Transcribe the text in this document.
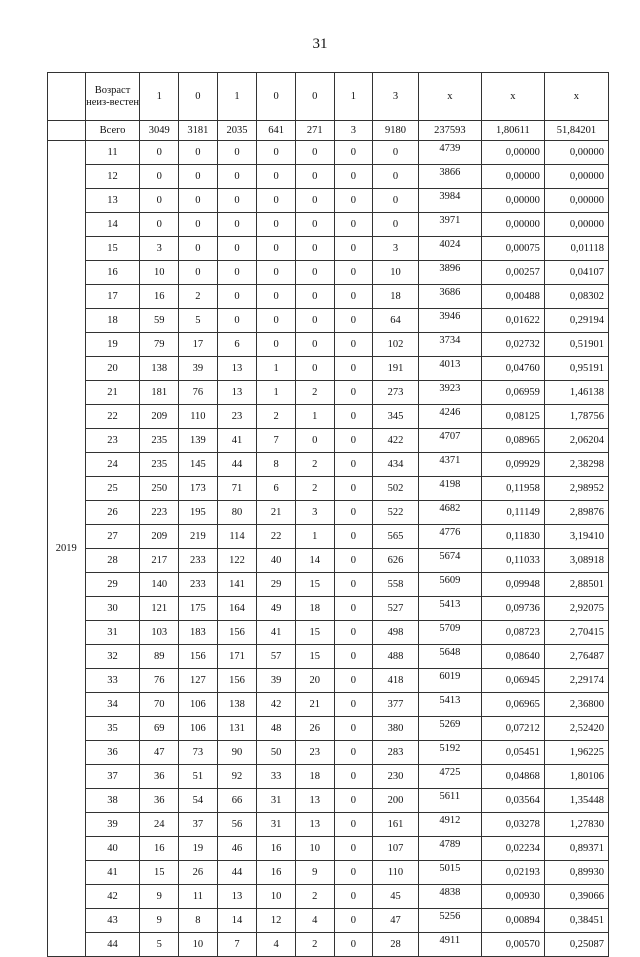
31
	Возраст неиз-вестен	1	0	1	0	0	1	3	x	x	x
	Всего	3049	3181	2035	641	271	3	9180	237593	1,80611	51,84201
2019	11	0	0	0	0	0	0	0	4739	0,00000	0,00000
	12	0	0	0	0	0	0	0	3866	0,00000	0,00000
	13	0	0	0	0	0	0	0	3984	0,00000	0,00000
	14	0	0	0	0	0	0	0	3971	0,00000	0,00000
	15	3	0	0	0	0	0	3	4024	0,00075	0,01118
	16	10	0	0	0	0	0	10	3896	0,00257	0,04107
	17	16	2	0	0	0	0	18	3686	0,00488	0,08302
	18	59	5	0	0	0	0	64	3946	0,01622	0,29194
	19	79	17	6	0	0	0	102	3734	0,02732	0,51901
	20	138	39	13	1	0	0	191	4013	0,04760	0,95191
	21	181	76	13	1	2	0	273	3923	0,06959	1,46138
	22	209	110	23	2	1	0	345	4246	0,08125	1,78756
	23	235	139	41	7	0	0	422	4707	0,08965	2,06204
	24	235	145	44	8	2	0	434	4371	0,09929	2,38298
	25	250	173	71	6	2	0	502	4198	0,11958	2,98952
	26	223	195	80	21	3	0	522	4682	0,11149	2,89876
	27	209	219	114	22	1	0	565	4776	0,11830	3,19410
	28	217	233	122	40	14	0	626	5674	0,11033	3,08918
	29	140	233	141	29	15	0	558	5609	0,09948	2,88501
	30	121	175	164	49	18	0	527	5413	0,09736	2,92075
	31	103	183	156	41	15	0	498	5709	0,08723	2,70415
	32	89	156	171	57	15	0	488	5648	0,08640	2,76487
	33	76	127	156	39	20	0	418	6019	0,06945	2,29174
	34	70	106	138	42	21	0	377	5413	0,06965	2,36800
	35	69	106	131	48	26	0	380	5269	0,07212	2,52420
	36	47	73	90	50	23	0	283	5192	0,05451	1,96225
	37	36	51	92	33	18	0	230	4725	0,04868	1,80106
	38	36	54	66	31	13	0	200	5611	0,03564	1,35448
	39	24	37	56	31	13	0	161	4912	0,03278	1,27830
	40	16	19	46	16	10	0	107	4789	0,02234	0,89371
	41	15	26	44	16	9	0	110	5015	0,02193	0,89930
	42	9	11	13	10	2	0	45	4838	0,00930	0,39066
	43	9	8	14	12	4	0	47	5256	0,00894	0,38451
	44	5	10	7	4	2	0	28	4911	0,00570	0,25087
